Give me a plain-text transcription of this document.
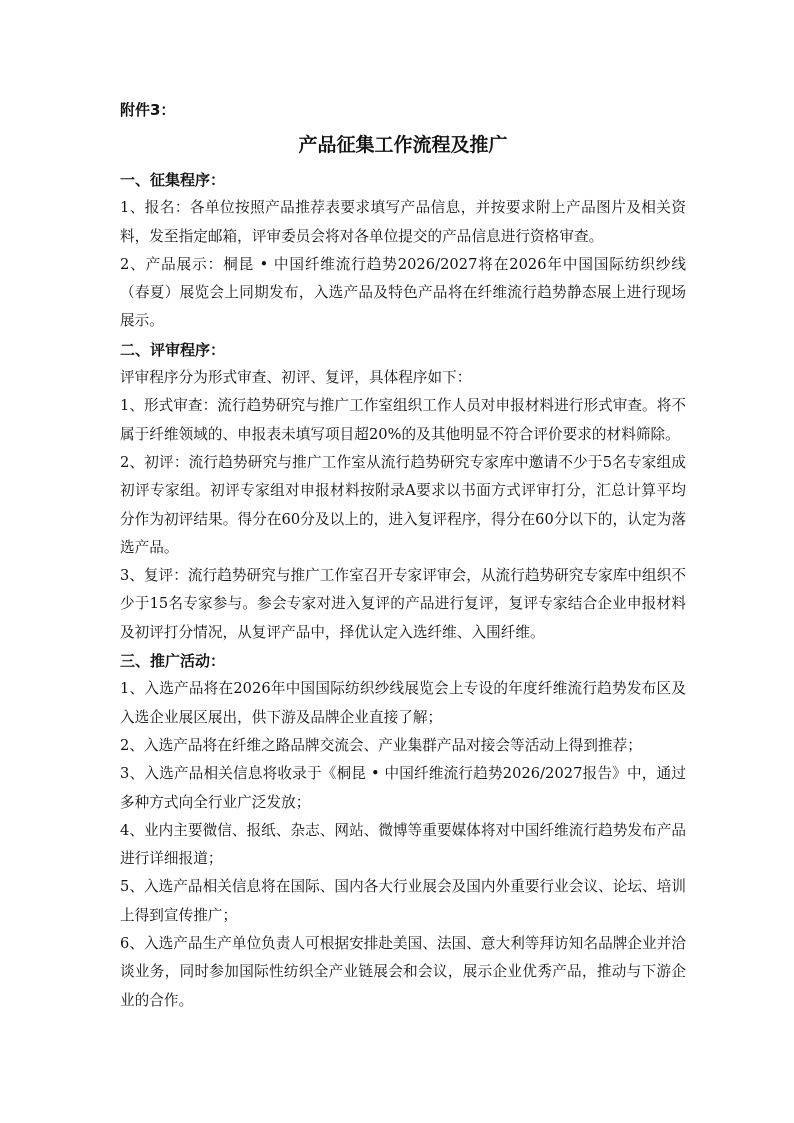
附件3：
产品征集工作流程及推广
一、征集程序：

1、报名：各单位按照产品推荐表要求填写产品信息，并按要求附上产品图片及相关资料，发至指定邮箱，评审委员会将对各单位提交的产品信息进行资格审查。

2、产品展示：桐昆 • 中国纤维流行趋势2026/2027将在2026年中国国际纺织纱线（春夏）展览会上同期发布，入选产品及特色产品将在纤维流行趋势静态展上进行现场展示。

二、评审程序：

评审程序分为形式审查、初评、复评，具体程序如下：

1、形式审查：流行趋势研究与推广工作室组织工作人员对申报材料进行形式审查。将不属于纤维领域的、申报表未填写项目超20%的及其他明显不符合评价要求的材料筛除。

2、初评：流行趋势研究与推广工作室从流行趋势研究专家库中邀请不少于5名专家组成初评专家组。初评专家组对申报材料按附录A要求以书面方式评审打分，汇总计算平均分作为初评结果。得分在60分及以上的，进入复评程序，得分在60分以下的，认定为落选产品。

3、复评：流行趋势研究与推广工作室召开专家评审会，从流行趋势研究专家库中组织不少于15名专家参与。参会专家对进入复评的产品进行复评，复评专家结合企业申报材料及初评打分情况，从复评产品中，择优认定入选纤维、入围纤维。

三、推广活动：

1、入选产品将在2026年中国国际纺织纱线展览会上专设的年度纤维流行趋势发布区及入选企业展区展出，供下游及品牌企业直接了解；

2、入选产品将在纤维之路品牌交流会、产业集群产品对接会等活动上得到推荐；

3、入选产品相关信息将收录于《桐昆 • 中国纤维流行趋势2026/2027报告》中，通过多种方式向全行业广泛发放；

4、业内主要微信、报纸、杂志、网站、微博等重要媒体将对中国纤维流行趋势发布产品进行详细报道；

5、入选产品相关信息将在国际、国内各大行业展会及国内外重要行业会议、论坛、培训上得到宣传推广；

6、入选产品生产单位负责人可根据安排赴美国、法国、意大利等拜访知名品牌企业并洽谈业务，同时参加国际性纺织全产业链展会和会议，展示企业优秀产品，推动与下游企业的合作。
